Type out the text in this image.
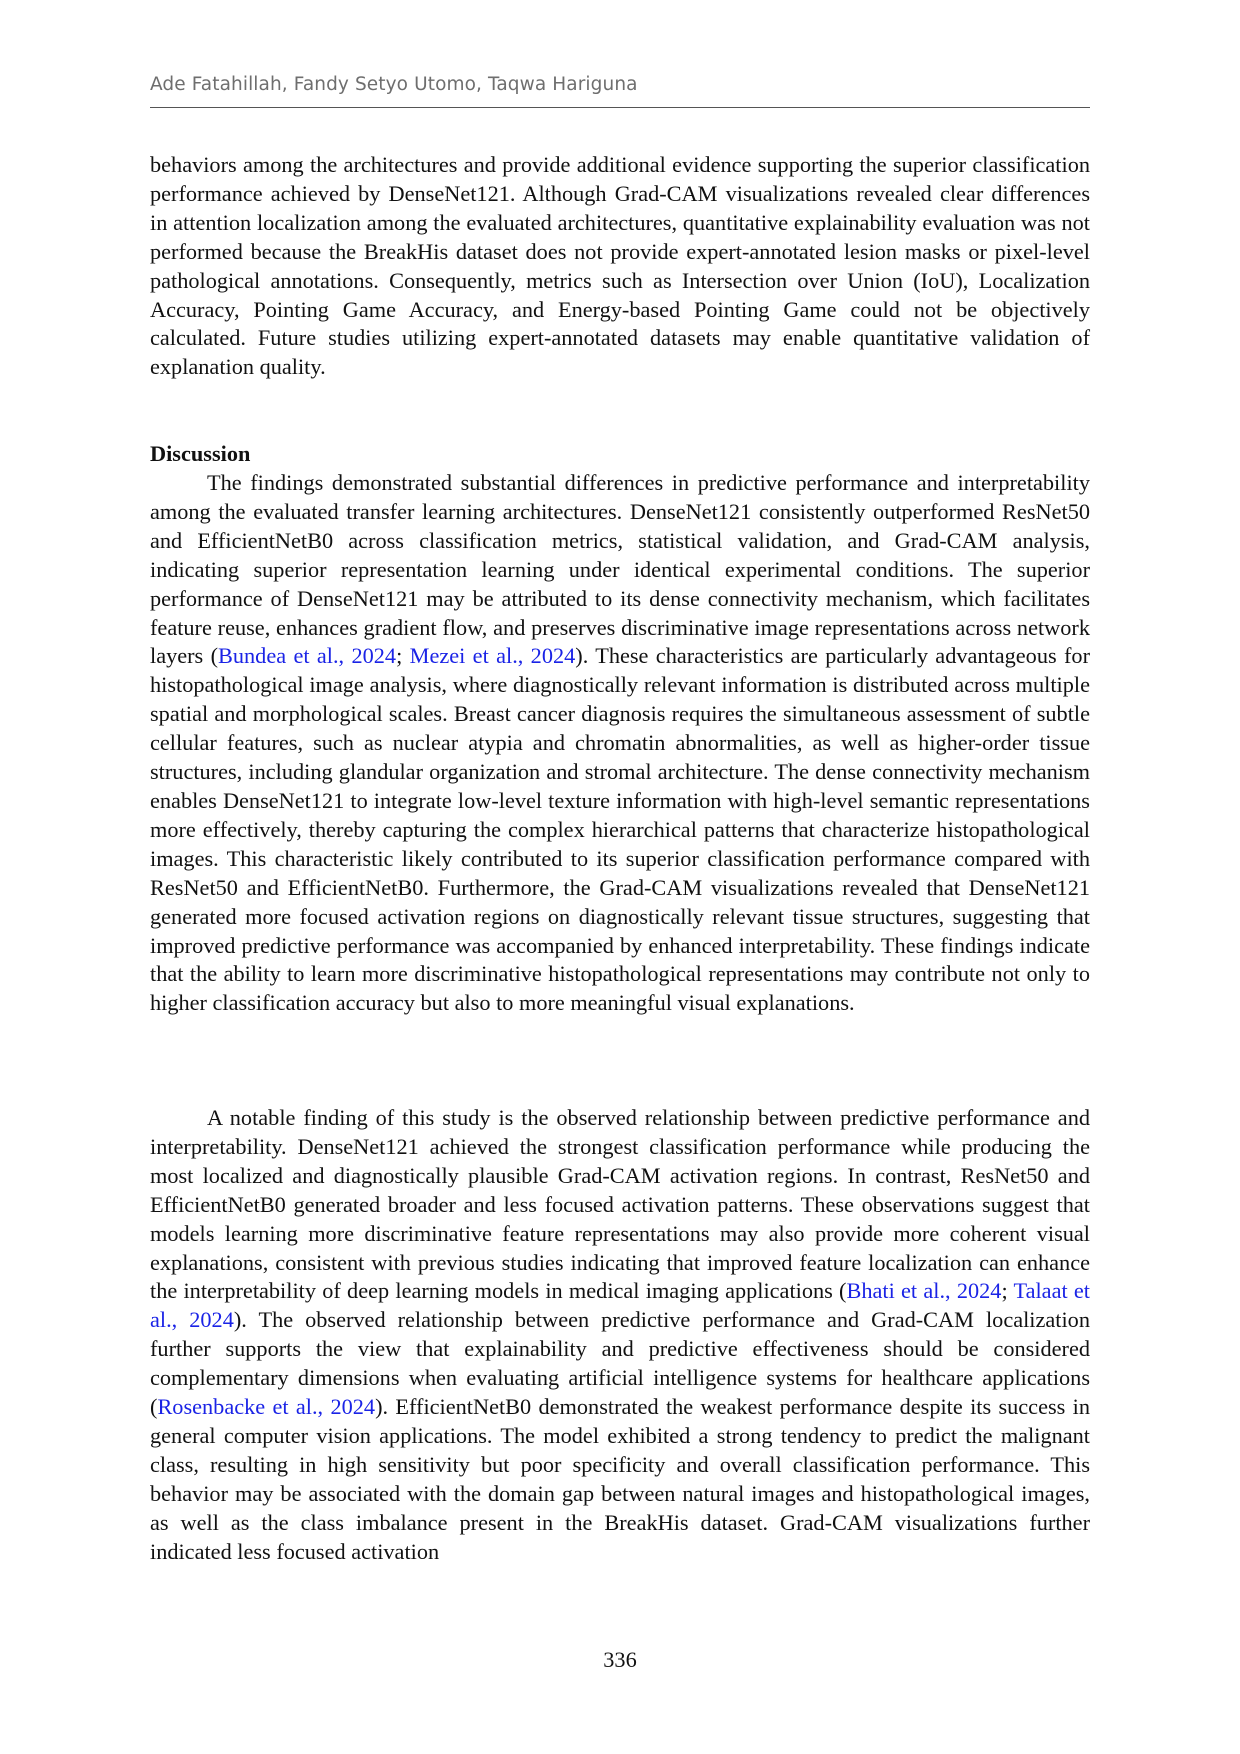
Ade Fatahillah, Fandy Setyo Utomo, Taqwa Hariguna

behaviors among the architectures and provide additional evidence supporting the superior classification performance achieved by DenseNet121. Although Grad-CAM visualizations revealed clear differences in attention localization among the evaluated architectures, quantitative explainability evaluation was not performed because the BreakHis dataset does not provide expert-annotated lesion masks or pixel-level pathological annotations. Consequently, metrics such as Intersection over Union (IoU), Localization Accuracy, Pointing Game Accuracy, and Energy-based Pointing Game could not be objectively calculated. Future studies utilizing expert-annotated datasets may enable quantitative validation of explanation quality.

Discussion

The findings demonstrated substantial differences in predictive performance and interpretability among the evaluated transfer learning architectures. DenseNet121 consistently outperformed ResNet50 and EfficientNetB0 across classification metrics, statistical validation, and Grad-CAM analysis, indicating superior representation learning under identical experimental conditions. The superior performance of DenseNet121 may be attributed to its dense connectivity mechanism, which facilitates feature reuse, enhances gradient flow, and preserves discriminative image representations across network layers (Bundea et al., 2024; Mezei et al., 2024). These characteristics are particularly advantageous for histopathological image analysis, where diagnostically relevant information is distributed across multiple spatial and morphological scales. Breast cancer diagnosis requires the simultaneous assessment of subtle cellular features, such as nuclear atypia and chromatin abnormalities, as well as higher-order tissue structures, including glandular organization and stromal architecture. The dense connectivity mechanism enables DenseNet121 to integrate low-level texture information with high-level semantic representations more effectively, thereby capturing the complex hierarchical patterns that characterize histopathological images. This characteristic likely contributed to its superior classification performance compared with ResNet50 and EfficientNetB0. Furthermore, the Grad-CAM visualizations revealed that DenseNet121 generated more focused activation regions on diagnostically relevant tissue structures, suggesting that improved predictive performance was accompanied by enhanced interpretability. These findings indicate that the ability to learn more discriminative histopathological representations may contribute not only to higher classification accuracy but also to more meaningful visual explanations.

A notable finding of this study is the observed relationship between predictive performance and interpretability. DenseNet121 achieved the strongest classification performance while producing the most localized and diagnostically plausible Grad-CAM activation regions. In contrast, ResNet50 and EfficientNetB0 generated broader and less focused activation patterns. These observations suggest that models learning more discriminative feature representations may also provide more coherent visual explanations, consistent with previous studies indicating that improved feature localization can enhance the interpretability of deep learning models in medical imaging applications (Bhati et al., 2024; Talaat et al., 2024). The observed relationship between predictive performance and Grad-CAM localization further supports the view that explainability and predictive effectiveness should be considered complementary dimensions when evaluating artificial intelligence systems for healthcare applications (Rosenbacke et al., 2024). EfficientNetB0 demonstrated the weakest performance despite its success in general computer vision applications. The model exhibited a strong tendency to predict the malignant class, resulting in high sensitivity but poor specificity and overall classification performance. This behavior may be associated with the domain gap between natural images and histopathological images, as well as the class imbalance present in the BreakHis dataset. Grad-CAM visualizations further indicated less focused activation

336
